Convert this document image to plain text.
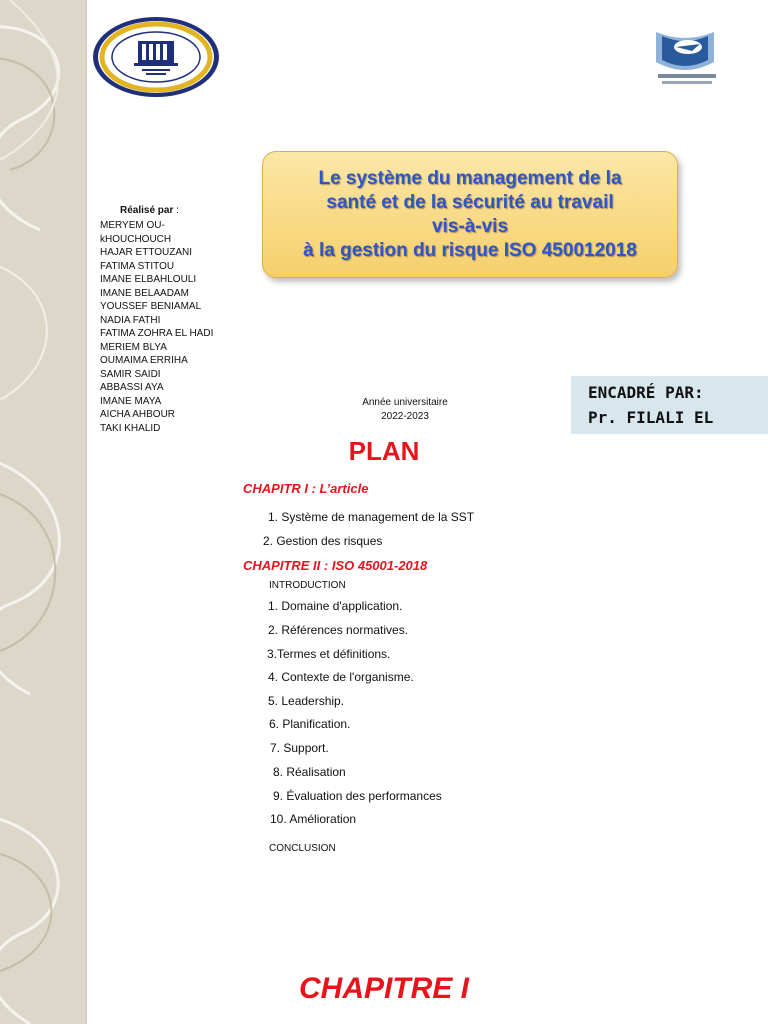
Le système du management de la
santé et de la sécurité au travail
vis-à-vis
à la gestion du risque ISO 450012018
Réalisé par :
MERYEM OU-
kHOUCHOUCH
HAJAR ETTOUZANI
FATIMA STITOU
IMANE ELBAHLOULI
IMANE BELAADAM
YOUSSEF BENIAMAL
NADIA FATHI
FATIMA ZOHRA EL HADI
MERIEM BLYA
OUMAIMA ERRIHA
SAMIR SAIDI
ABBASSI AYA
IMANE MAYA
AICHA AHBOUR
TAKI KHALID
Année universitaire
2022-2023
ENCADRÉ PAR:
Pr. FILALI EL
PLAN
CHAPITR I : L’article
1. Système de management de la SST
2. Gestion des risques
CHAPITRE II : ISO 45001-2018
INTRODUCTION
1. Domaine d'application.
2. Références normatives.
3.Termes et définitions.
4. Contexte de l'organisme.
5. Leadership.
6. Planification.
7. Support.
8. Réalisation
9. Évaluation des performances
10. Amélioration
CONCLUSION
CHAPITRE I
